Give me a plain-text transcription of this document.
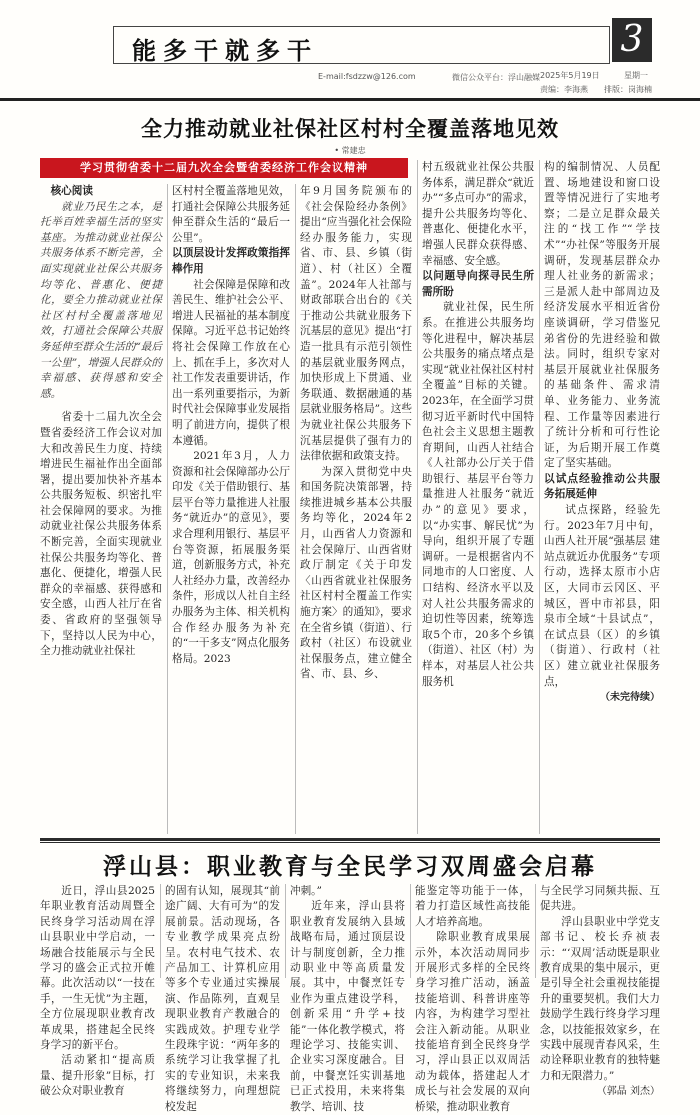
能多干就多干	3
E-mail:fsdzzw@126.com	微信公众平台：浮山融媒 2025年5月19日	星期一
责编：李海燕 排版：岗海楠
全力推动就业社保社区村村全覆盖落地见效
• 常建忠
学习贯彻省委十二届九次全会暨省委经济工作会议精神

核心阅读

就业乃民生之本，是托举百姓幸福生活的坚实基座。为推动就业社保公共服务体系不断完善，全面实现就业社保公共服务均等化、普惠化、便捷化，要全力推动就业社保社区村村全覆盖落地见效，打通社会保障公共服务延伸至群众生活的“最后一公里”，增强人民群众的幸福感、获得感和安全感。

省委十二届九次全会暨省委经济工作会议对加大和改善民生力度、持续增进民生福祉作出全面部署，提出要加快补齐基本公共服务短板、织密扎牢社会保障网的要求。为推动就业社保公共服务体系不断完善，全面实现就业社保公共服务均等化、普惠化、便捷化，增强人民群众的幸福感、获得感和安全感，山西人社厅在省委、省政府的坚强领导下，坚持以人民为中心，全力推动就业社保社

区村村全覆盖落地见效，打通社会保障公共服务延伸至群众生活的“最后一公里”。

以顶层设计发挥政策指挥棒作用

社会保障是保障和改善民生、维护社会公平、增进人民福祉的基本制度保障。习近平总书记始终将社会保障工作放在心上、抓在手上，多次对人社工作发表重要讲话，作出一系列重要指示，为新时代社会保障事业发展指明了前进方向，提供了根本遵循。

2021年3月，人力资源和社会保障部办公厅印发《关于借助银行、基层平台等力量推进人社服务“就近办”的意见》，要求合理利用银行、基层平台等资源，拓展服务渠道，创新服务方式，补充人社经办力量，改善经办条件，形成以人社自主经办服务为主体、相关机构合作经办服务为补充的“一干多支”网点化服务格局。2023

年9月国务院颁布的《社会保险经办条例》提出“应当强化社会保险经办服务能力，实现省、市、县、乡镇（街道）、村（社区）全覆盖”。2024年人社部与财政部联合出台的《关于推动公共就业服务下沉基层的意见》提出“打造一批具有示范引领性的基层就业服务网点，加快形成上下贯通、业务联通、数据融通的基层就业服务格局”。这些为就业社保公共服务下沉基层提供了强有力的法律依据和政策支持。

为深入贯彻党中央和国务院决策部署，持续推进城乡基本公共服务均等化，2024年2月，山西省人力资源和社会保障厅、山西省财政厅制定《关于印发〈山西省就业社保服务社区村村全覆盖工作实施方案〉的通知》，要求在全省乡镇（街道）、行政村（社区）布设就业社保服务点，建立健全省、市、县、乡、

村五级就业社保公共服务体系，满足群众“就近办”“多点可办”的需求，提升公共服务均等化、普惠化、便捷化水平，增强人民群众获得感、幸福感、安全感。

以问题导向探寻民生所需所盼

就业社保，民生所系。在推进公共服务均等化进程中，解决基层公共服务的痛点堵点是实现“就业社保社区村村全覆盖”目标的关键。2023年，在全面学习贯彻习近平新时代中国特色社会主义思想主题教育期间，山西人社结合《人社部办公厅关于借助银行、基层平台等力量推进人社服务“就近办”的意见》要求，以“办实事、解民忧”为导向，组织开展了专题调研。一是根据省内不同地市的人口密度、人口结构、经济水平以及对人社公共服务需求的迫切性等因素，统筹选取5个市，20多个乡镇（街道）、社区（村）为样本，对基层人社公共服务机

构的编制情况、人员配置、场地建设和窗口设置等情况进行了实地考察；二是立足群众最关注的“找工作”“学技术”“办社保”等服务开展调研，发现基层群众办理人社业务的新需求；三是派人赴中部周边及经济发展水平相近省份座谈调研，学习借鉴兄弟省份的先进经验和做法。同时，组织专家对基层开展就业社保服务的基础条件、需求清单、业务能力、业务流程、工作量等因素进行了统计分析和可行性论证，为后期开展工作奠定了坚实基础。

以试点经验推动公共服务拓展延伸

试点探路，经验先行。2023年7月中旬，山西人社开展“强基层 建站点就近办优服务”专项行动，选择太原市小店区，大同市云冈区、平城区，晋中市祁县，阳泉市全域“十县试点”，在试点县（区）的乡镇（街道）、行政村（社区）建立就业社保服务点，

（未完待续）

浮山县：职业教育与全民学习双周盛会启幕

近日，浮山县2025年职业教育活动周暨全民终身学习活动周在浮山县职业中学启动，一场融合技能展示与全民学习的盛会正式拉开帷幕。此次活动以“一技在手，一生无忧”为主题，全方位展现职业教育改革成果，搭建起全民终身学习的新平台。

活动紧扣“提高质量、提升形象”目标，打破公众对职业教育

的固有认知，展现其“前途广阔、大有可为”的发展前景。活动现场，各专业教学成果亮点纷呈。农村电气技术、农产品加工、计算机应用等多个专业通过实操展演、作品陈列，直观呈现职业教育产教融合的实践成效。护理专业学生段珠宇说：“两年多的系统学习让我掌握了扎实的专业知识，未来我将继续努力，向理想院校发起

冲刺。”

近年来，浮山县将职业教育发展纳入县域战略布局，通过顶层设计与制度创新，全力推动职业中等高质量发展。其中，中餐烹饪专业作为重点建设学科，创新采用“升学+技能”一体化教学模式，将理论学习、技能实训、企业实习深度融合。目前，中餐烹饪实训基地已正式投用，未来将集教学、培训、技

能鉴定等功能于一体，着力打造区域性高技能人才培养高地。

除职业教育成果展示外，本次活动周同步开展形式多样的全民终身学习推广活动，涵盖技能培训、科普讲座等内容，为构建学习型社会注入新动能。从职业技能培育到全民终身学习，浮山县正以双周活动为载体，搭建起人才成长与社会发展的双向桥梁，推动职业教育

与全民学习同频共振、互促共进。

浮山县职业中学党支部书记、校长乔祯表示：“‘双周’活动既是职业教育成果的集中展示，更是引导全社会重视技能提升的重要契机。我们大力鼓励学生践行终身学习理念，以技能报效家乡，在实践中展现青春风采，生动诠释职业教育的独特魅力和无限潜力。”

（郭晶 刘杰）
